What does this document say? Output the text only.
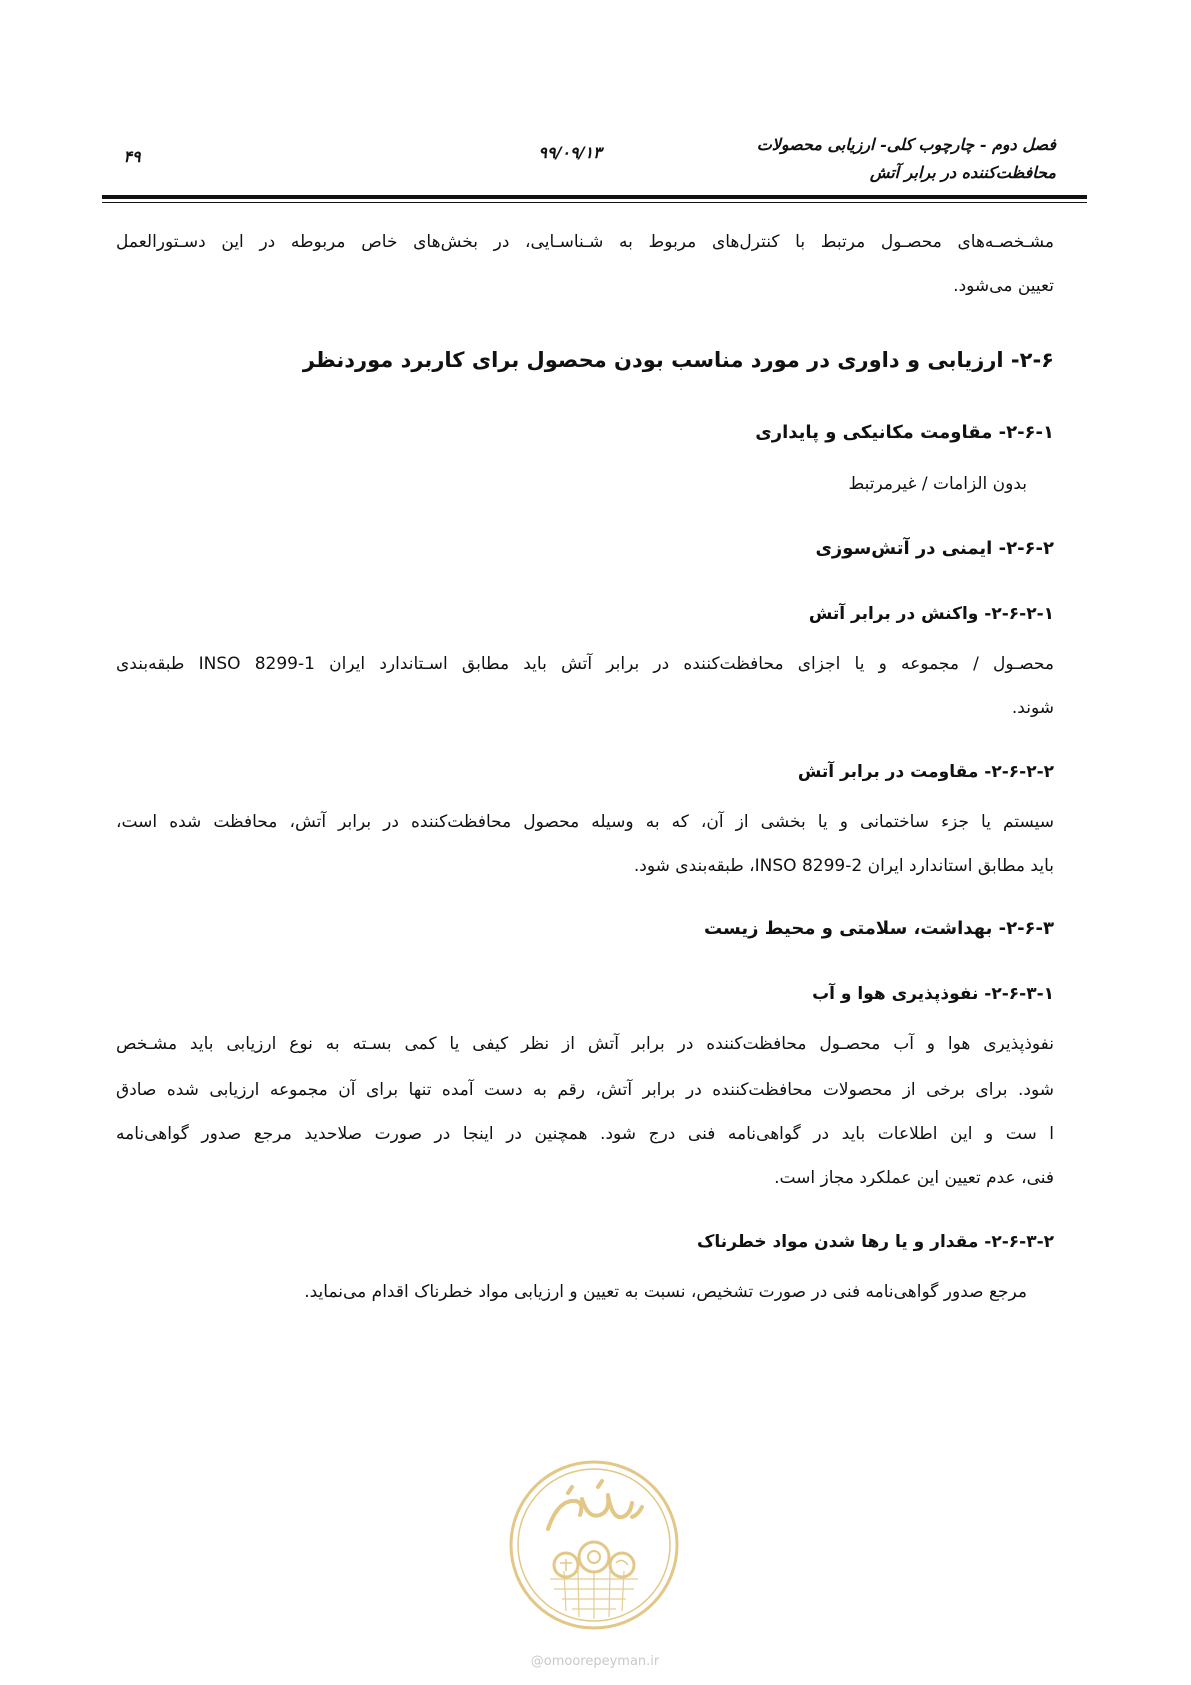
فصل دوم - چارچوب کلی- ارزیابی محصولات
محافظت‌کننده در برابر آتش
۹۹/۰۹/۱۳
۴۹
مشـخصـه‌های محصـول مرتبط با کنترل‌های مربوط به شـناسـایی، در بخش‌های خاص مربوطه در این دسـتورالعمل
تعیین می‌شود.
۲-۶- ارزیابی و داوری در مورد مناسب بودن محصول برای کاربرد موردنظر
۲-۶-۱- مقاومت مکانیکی و پایداری
بدون الزامات / غیرمرتبط
۲-۶-۲- ایمنی در آتش‌سوزی
۲-۶-۲-۱- واکنش در برابر آتش
محصـول / مجموعه و یا اجزای محافظت‌کننده در برابر آتش باید مطابق اسـتاندارد ایران INSO 8299-1 طبقه‌بندی
شوند.
۲-۶-۲-۲- مقاومت در برابر آتش
سیستم یا جزء ساختمانی و یا بخشی از آن، که به وسیله محصول محافظت‌کننده در برابر آتش، محافظت شده است،
باید مطابق استاندارد ایران INSO 8299-2، طبقه‌بندی شود.
۲-۶-۳- بهداشت، سلامتی و محیط زیست
۲-۶-۳-۱- نفوذپذیری هوا و آب
نفوذپذیری هوا و آب محصـول محافظت‌کننده در برابر آتش از نظر کیفی یا کمی بسـته به نوع ارزیابی باید مشـخص
شود. برای برخی از محصولات محافظت‌کننده در برابر آتش، رقم به دست آمده تنها برای آن مجموعه ارزیابی شده صادق
ا ست و این اطلاعات باید در گواهی‌نامه فنی درج شود. همچنین در اینجا در صورت صلاحدید مرجع صدور گواهی‌نامه
فنی، عدم تعیین این عملکرد مجاز است.
۲-۶-۳-۲- مقدار و یا رها شدن مواد خطرناک
مرجع صدور گواهی‌نامه فنی در صورت تشخیص، نسبت به تعیین و ارزیابی مواد خطرناک اقدام می‌نماید.
@omoorepeyman.ir
